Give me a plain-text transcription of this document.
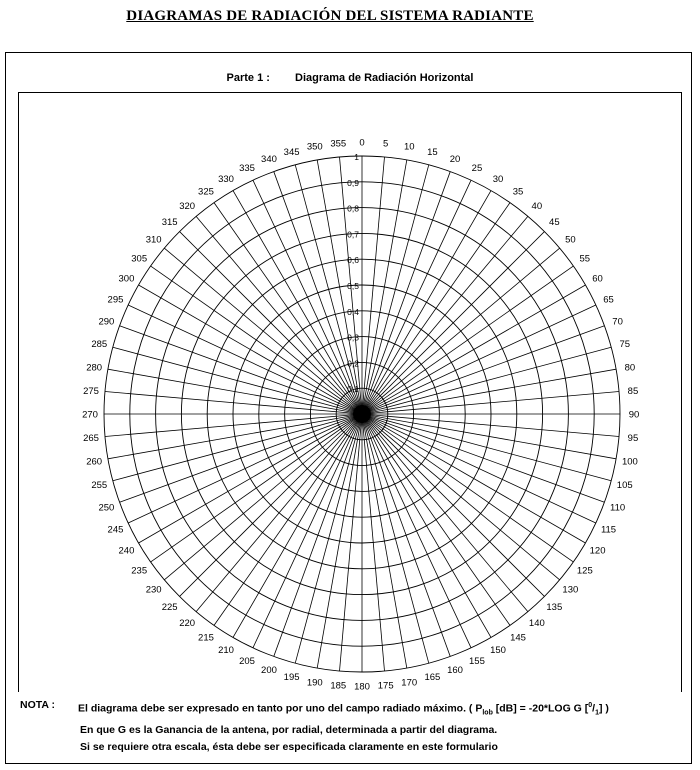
DIAGRAMAS DE RADIACIÓN DEL SISTEMA RADIANTE
Parte 1 : Diagrama de Radiación Horizontal
0 5 10 15
20
25
30
35
40
45
50
55
60
65
70
75
80
85
90
95
100
105
110
115
120
125
130
135
140
145
150
155
160
165
170
175
180
185
190
195
200
205
210
215
220
225
230
235
240
245
250
255
260
265
270
275
280
285
290
295
300
305
310
315
320
325
330
335
340
345 350 355
0,1
0,2
0,3
0,4
0,5
0,6
0,7
0,8
0,9
1
NOTA :	El diagrama debe ser expresado en tanto por uno del campo radiado máximo. ( $P_{lob}$ [dB] = -20*LOG G $[^0/_1]$ )
En que G es la Ganancia de la antena, por radial, determinada a partir del diagrama.
Si se requiere otra escala, ésta debe ser especificada claramente en este formulario
